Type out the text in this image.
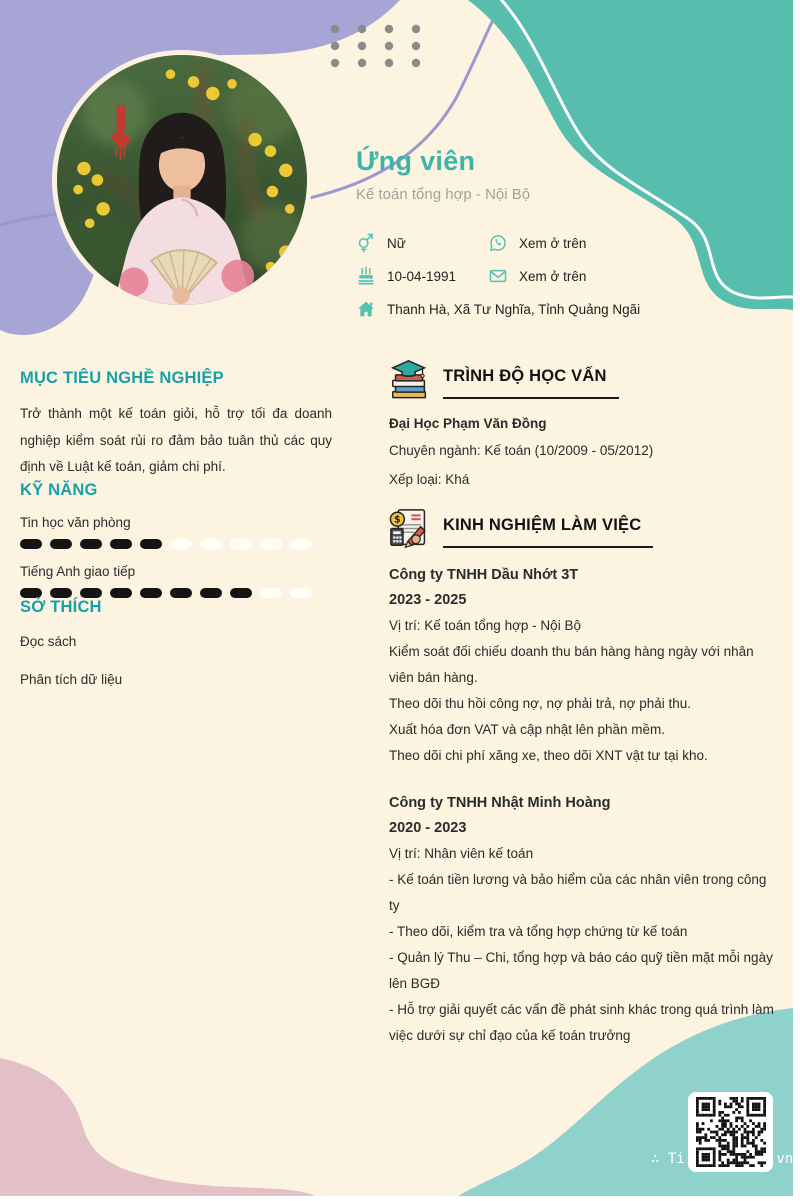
Ứng viên
Kế toán tổng hợp - Nội Bộ
Nữ	Xem ở trên
10-04-1991	Xem ở trên
Thanh Hà, Xã Tư Nghĩa, Tỉnh Quảng Ngãi
MỤC TIÊU NGHỀ NGHIỆP

Trở thành một kế toán giỏi, hỗ trợ tối đa doanh nghiệp kiểm soát rủi ro đảm bảo tuân thủ các quy định về Luật kế toán, giảm chi phí.

KỸ NĂNG
Tin học văn phòng
Tiếng Anh giao tiếp
SỞ THÍCH

Đọc sách

Phân tích dữ liệu

TRÌNH ĐỘ HỌC VẤN
Đại Học Phạm Văn Đồng

Chuyên ngành: Kế toán (10/2009 - 05/2012)

Xếp loại: Khá

$	KINH NGHIỆM LÀM VIỆC
Công ty TNHH Dầu Nhớt 3T
2023 - 2025

Vị trí: Kế toán tổng hợp - Nội Bộ

Kiểm soát đối chiếu doanh thu bán hàng hàng ngày với nhân viên bán hàng.

Theo dõi thu hồi công nợ, nợ phải trả, nợ phải thu.

Xuất hóa đơn VAT và cập nhật lên phần mềm.

Theo dõi chi phí xăng xe, theo dõi XNT vật tư tại kho.

Công ty TNHH Nhật Minh Hoàng
2020 - 2023

Vị trí: Nhân viên kế toán

- Kế toán tiền lương và bảo hiểm của các nhân viên trong công ty

- Theo dõi, kiểm tra và tổng hợp chứng từ kế toán

- Quản lý Thu – Chi, tổng hợp và báo cáo quỹ tiền mặt mỗi ngày lên BGĐ

- Hỗ trợ giải quyết các vấn đề phát sinh khác trong quá trình làm việc dưới sự chỉ đạo của kế toán trưởng

∴ Ti	.vn
